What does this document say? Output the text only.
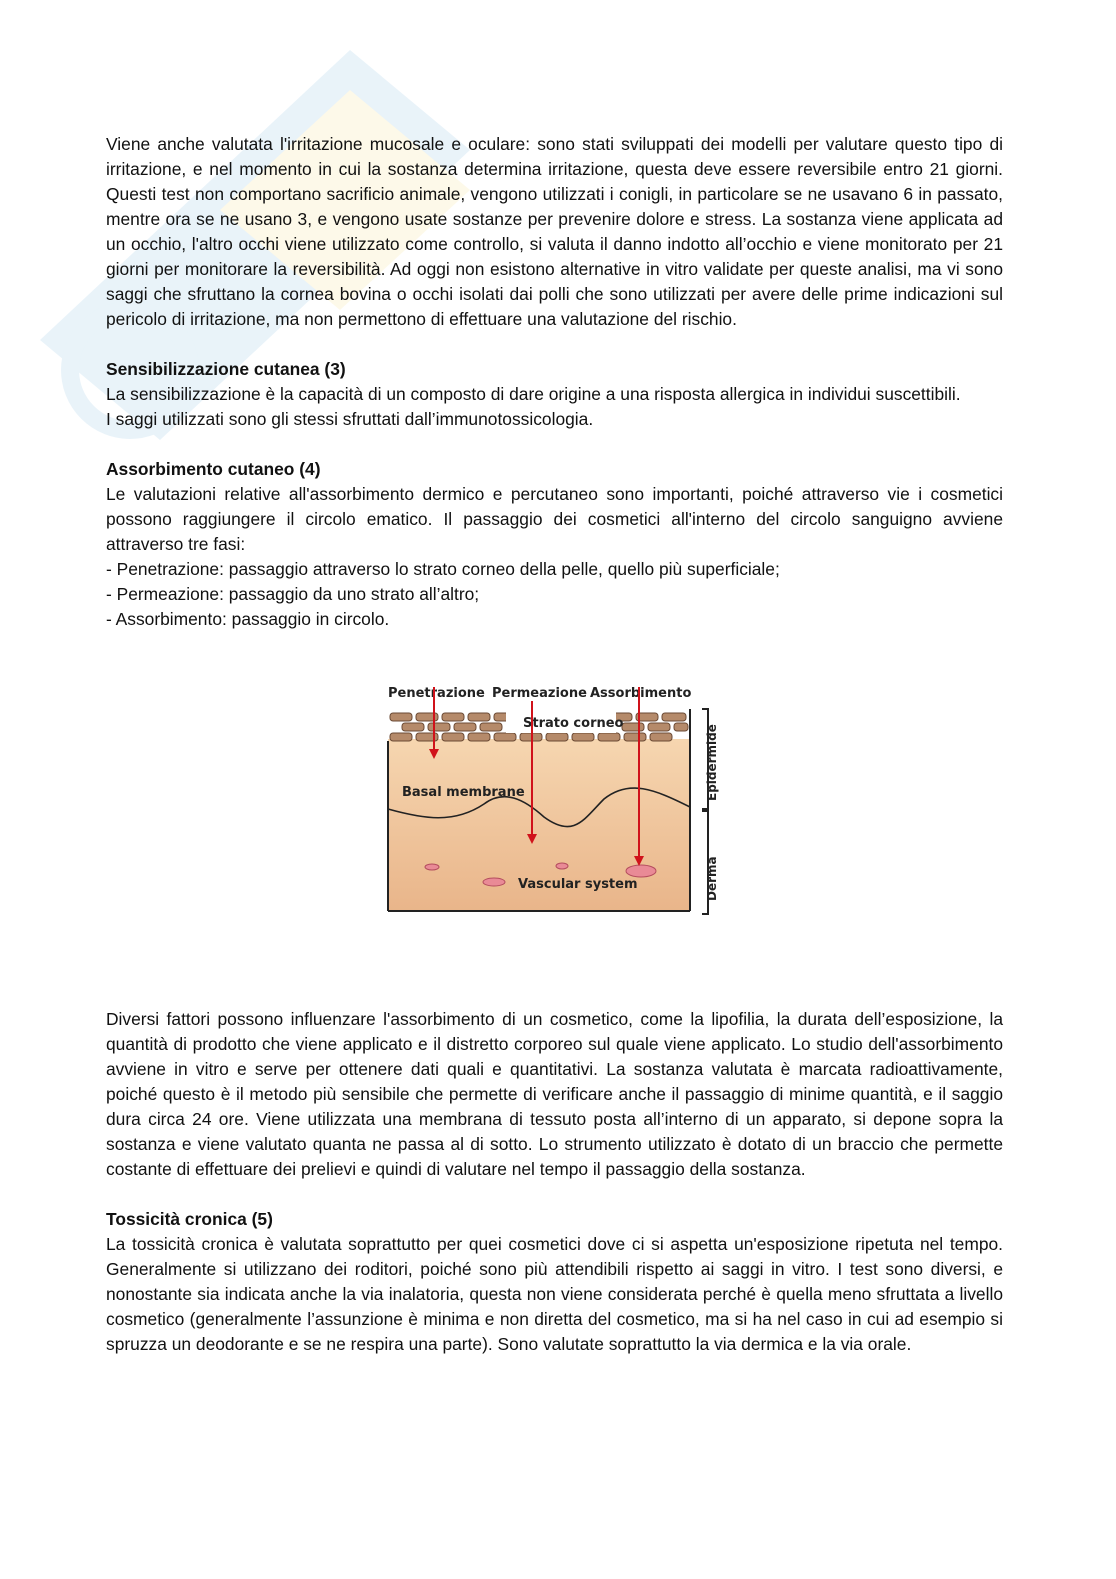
Viene anche valutata l'irritazione mucosale e oculare: sono stati sviluppati dei modelli per valutare questo tipo di irritazione, e nel momento in cui la sostanza determina irritazione, questa deve essere reversibile entro 21 giorni. Questi test non comportano sacrificio animale, vengono utilizzati i conigli, in particolare se ne usavano 6 in passato, mentre ora se ne usano 3, e vengono usate sostanze per prevenire dolore e stress. La sostanza viene applicata ad un occhio, l'altro occhi viene utilizzato come controllo, si valuta il danno indotto all’occhio e viene monitorato per 21 giorni per monitorare la reversibilità. Ad oggi non esistono alternative in vitro validate per queste analisi, ma vi sono saggi che sfruttano la cornea bovina o occhi isolati dai polli che sono utilizzati per avere delle prime indicazioni sul pericolo di irritazione, ma non permettono di effettuare una valutazione del rischio.

Sensibilizzazione cutanea (3)

La sensibilizzazione è la capacità di un composto di dare origine a una risposta allergica in individui suscettibili.
I saggi utilizzati sono gli stessi sfruttati dall’immunotossicologia.

Assorbimento cutaneo (4)

Le valutazioni relative all'assorbimento dermico e percutaneo sono importanti, poiché attraverso vie i cosmetici possono raggiungere il circolo ematico. Il passaggio dei cosmetici all'interno del circolo sanguigno avviene attraverso tre fasi:

- Penetrazione: passaggio attraverso lo strato corneo della pelle, quello più superficiale;
- Permeazione: passaggio da uno strato all’altro;
- Assorbimento: passaggio in circolo.

Penetrazione Permeazione Assorbimento
Strato corneo
Basal membrane
Vascular system
Epidermide
Derma

Diversi fattori possono influenzare l'assorbimento di un cosmetico, come la lipofilia, la durata dell’esposizione, la quantità di prodotto che viene applicato e il distretto corporeo sul quale viene applicato. Lo studio dell'assorbimento avviene in vitro e serve per ottenere dati quali e quantitativi. La sostanza valutata è marcata radioattivamente, poiché questo è il metodo più sensibile che permette di verificare anche il passaggio di minime quantità, e il saggio dura circa 24 ore. Viene utilizzata una membrana di tessuto posta all’interno di un apparato, si depone sopra la sostanza e viene valutato quanta ne passa al di sotto. Lo strumento utilizzato è dotato di un braccio che permette costante di effettuare dei prelievi e quindi di valutare nel tempo il passaggio della sostanza.

Tossicità cronica (5)

La tossicità cronica è valutata soprattutto per quei cosmetici dove ci si aspetta un'esposizione ripetuta nel tempo. Generalmente si utilizzano dei roditori, poiché sono più attendibili rispetto ai saggi in vitro. I test sono diversi, e nonostante sia indicata anche la via inalatoria, questa non viene considerata perché è quella meno sfruttata a livello cosmetico (generalmente l’assunzione è minima e non diretta del cosmetico, ma si ha nel caso in cui ad esempio si spruzza un deodorante e se ne respira una parte). Sono valutate soprattutto la via dermica e la via orale.
